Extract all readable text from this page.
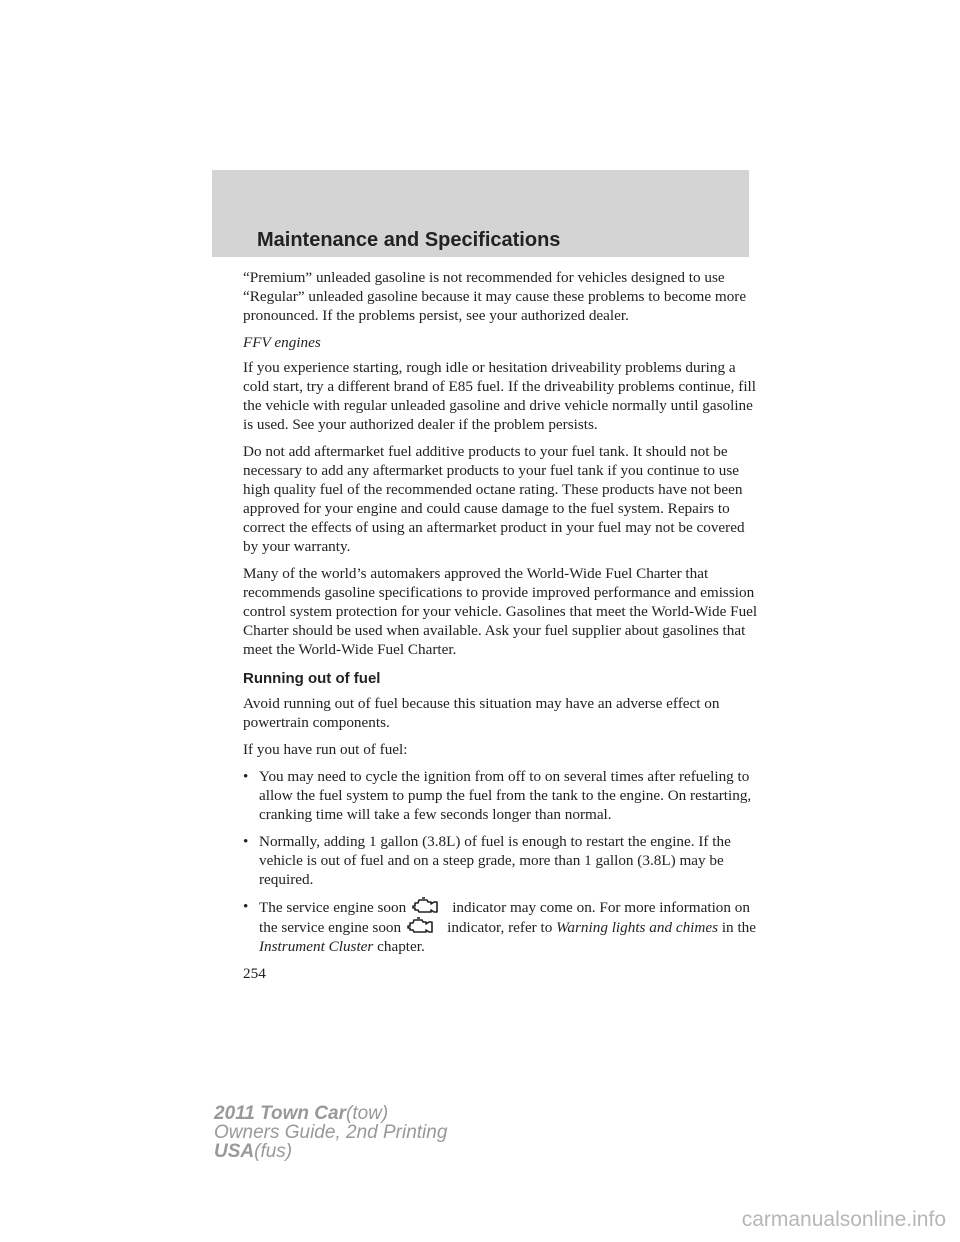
Maintenance and Specifications

“Premium” unleaded gasoline is not recommended for vehicles designed to use “Regular” unleaded gasoline because it may cause these problems to become more pronounced. If the problems persist, see your authorized dealer.

FFV engines

If you experience starting, rough idle or hesitation driveability problems during a cold start, try a different brand of E85 fuel. If the driveability problems continue, fill the vehicle with regular unleaded gasoline and drive vehicle normally until gasoline is used. See your authorized dealer if the problem persists.

Do not add aftermarket fuel additive products to your fuel tank. It should not be necessary to add any aftermarket products to your fuel tank if you continue to use high quality fuel of the recommended octane rating. These products have not been approved for your engine and could cause damage to the fuel system. Repairs to correct the effects of using an aftermarket product in your fuel may not be covered by your warranty.

Many of the world’s automakers approved the World-Wide Fuel Charter that recommends gasoline specifications to provide improved performance and emission control system protection for your vehicle. Gasolines that meet the World-Wide Fuel Charter should be used when available. Ask your fuel supplier about gasolines that meet the World-Wide Fuel Charter.

Running out of fuel

Avoid running out of fuel because this situation may have an adverse effect on powertrain components.

If you have run out of fuel:

• You may need to cycle the ignition from off to on several times after refueling to allow the fuel system to pump the fuel from the tank to the engine. On restarting, cranking time will take a few seconds longer than normal.
• Normally, adding 1 gallon (3.8L) of fuel is enough to restart the engine. If the vehicle is out of fuel and on a steep grade, more than 1 gallon (3.8L) may be required.
• The service engine soon	indicator may come on. For more information on the service engine soon	indicator, refer to Warning lights and chimes in the Instrument Cluster chapter.
254
2011 Town Car(tow)
Owners Guide, 2nd Printing
USA(fus)
carmanualsonline.info
